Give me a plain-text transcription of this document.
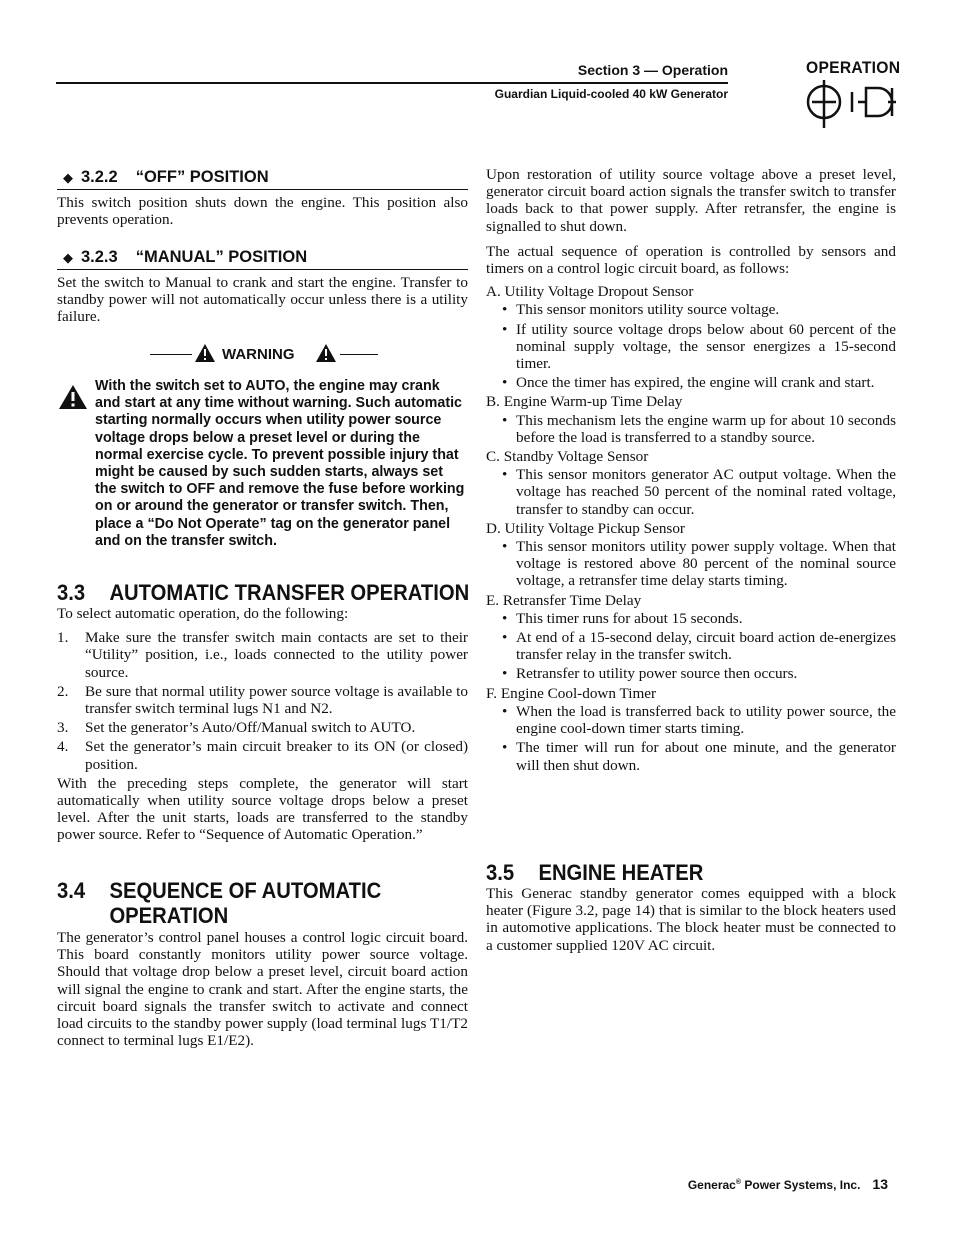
Section 3 — Operation
Guardian Liquid-cooled 40 kW Generator
OPERATION
◆ 3.2.2 “OFF” POSITION

This switch position shuts down the engine. This position also prevents operation.

◆ 3.2.3 “MANUAL” POSITION

Set the switch to Manual to crank and start the engine. Transfer to standby power will not automatically occur unless there is a utility failure.

WARNING
With the switch set to AUTO, the engine may crank and start at any time without warning. Such automatic starting normally occurs when utility power source voltage drops below a preset level or during the normal exercise cycle. To prevent possible injury that might be caused by such sudden starts, always set the switch to OFF and remove the fuse before working on or around the generator or transfer switch. Then, place a “Do Not Operate” tag on the generator panel and on the transfer switch.
3.3 AUTOMATIC TRANSFER OPERATION

To select automatic operation, do the following:

1. Make sure the transfer switch main contacts are set to their “Utility” position, i.e., loads connected to the utility power source.
2. Be sure that normal utility power source voltage is available to transfer switch terminal lugs N1 and N2.
3. Set the generator’s Auto/Off/Manual switch to AUTO.
4. Set the generator’s main circuit breaker to its ON (or closed) position.

With the preceding steps complete, the generator will start automatically when utility source voltage drops below a preset level. After the unit starts, loads are transferred to the standby power source. Refer to “Sequence of Automatic Operation.”

3.4 SEQUENCE OF AUTOMATIC
OPERATION

The generator’s control panel houses a control logic circuit board. This board constantly monitors utility power source voltage. Should that voltage drop below a preset level, circuit board action will signal the engine to crank and start. After the engine starts, the circuit board signals the transfer switch to activate and connect load circuits to the standby power supply (load terminal lugs T1/T2 connect to terminal lugs E1/E2).

Upon restoration of utility source voltage above a preset level, generator circuit board action signals the transfer switch to transfer loads back to that power supply. After retransfer, the engine is signalled to shut down.

The actual sequence of operation is controlled by sensors and timers on a control logic circuit board, as follows:

A. Utility Voltage Dropout Sensor
• This sensor monitors utility source voltage.
• If utility source voltage drops below about 60 percent of the nominal supply voltage, the sensor energizes a 15-second timer.
• Once the timer has expired, the engine will crank and start.
B. Engine Warm-up Time Delay
• This mechanism lets the engine warm up for about 10 seconds before the load is transferred to a standby source.
C. Standby Voltage Sensor
• This sensor monitors generator AC output voltage. When the voltage has reached 50 percent of the nominal rated voltage, transfer to standby can occur.
D. Utility Voltage Pickup Sensor
• This sensor monitors utility power supply voltage. When that voltage is restored above 80 percent of the nominal source voltage, a retransfer time delay starts timing.
E. Retransfer Time Delay
• This timer runs for about 15 seconds.
• At end of a 15-second delay, circuit board action de-energizes transfer relay in the transfer switch.
• Retransfer to utility power source then occurs.
F. Engine Cool-down Timer
• When the load is transferred back to utility power source, the engine cool-down timer starts timing.
• The timer will run for about one minute, and the generator will then shut down.
3.5 ENGINE HEATER

This Generac standby generator comes equipped with a block heater (Figure 3.2, page 14) that is similar to the block heaters used in automotive applications. The block heater must be connected to a customer supplied 120V AC circuit.

Generac® Power Systems, Inc. 13
